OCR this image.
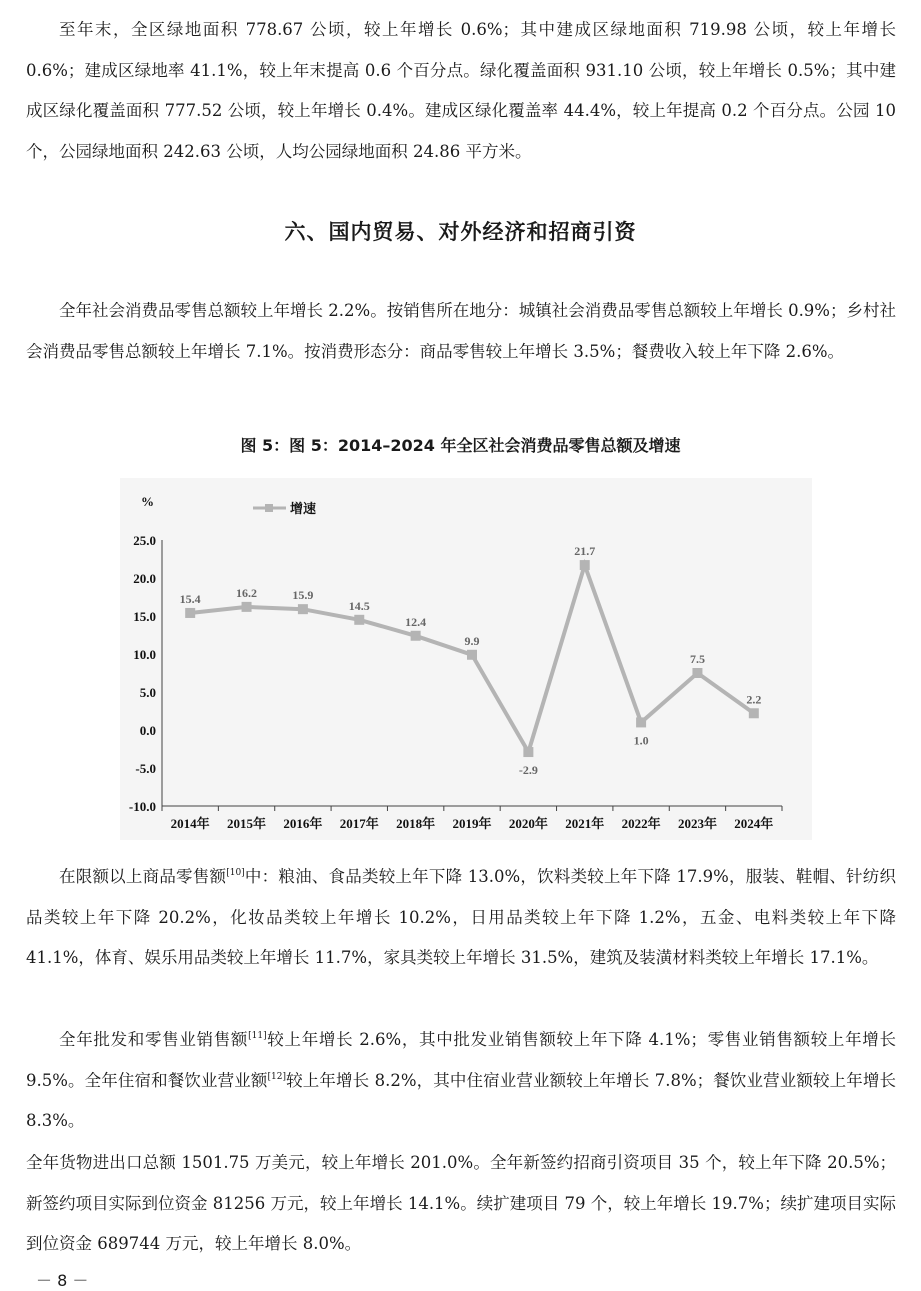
至年末，全区绿地面积 778.67 公顷，较上年增长 0.6%；其中建成区绿地面积 719.98 公顷，较上年增长 0.6%；建成区绿地率 41.1%，较上年末提高 0.6 个百分点。绿化覆盖面积 931.10 公顷，较上年增长 0.5%；其中建成区绿化覆盖面积 777.52 公顷，较上年增长 0.4%。建成区绿化覆盖率 44.4%，较上年提高 0.2 个百分点。公园 10 个，公园绿地面积 242.63 公顷，人均公园绿地面积 24.86 平方米。

六、国内贸易、对外经济和招商引资

全年社会消费品零售总额较上年增长 2.2%。按销售所在地分：城镇社会消费品零售总额较上年增长 0.9%；乡村社会消费品零售总额较上年增长 7.1%。按消费形态分：商品零售较上年增长 3.5%；餐费收入较上年下降 2.6%。

图 5：图 5：2014–2024 年全区社会消费品零售总额及增速
%	增速
25.0
20.0
15.0
10.0
5.0
0.0
-5.0
-10.0
2014年 2015年 2016年 2017年 2018年 2019年 2020年 2021年 2022年 2023年 2024年
15.4	16.2	15.9
14.5
12.4
9.9
-2.9
21.7
1.0
7.5
2.2

在限额以上商品零售额[10]中：粮油、食品类较上年下降 13.0%，饮料类较上年下降 17.9%，服装、鞋帽、针纺织品类较上年下降 20.2%，化妆品类较上年增长 10.2%，日用品类较上年下降 1.2%，五金、电料类较上年下降 41.1%，体育、娱乐用品类较上年增长 11.7%，家具类较上年增长 31.5%，建筑及装潢材料类较上年增长 17.1%。

全年批发和零售业销售额[11]较上年增长 2.6%，其中批发业销售额较上年下降 4.1%；零售业销售额较上年增长 9.5%。全年住宿和餐饮业营业额[12]较上年增长 8.2%，其中住宿业营业额较上年增长 7.8%；餐饮业营业额较上年增长 8.3%。

全年货物进出口总额 1501.75 万美元，较上年增长 201.0%。全年新签约招商引资项目 35 个，较上年下降 20.5%；新签约项目实际到位资金 81256 万元，较上年增长 14.1%。续扩建项目 79 个，较上年增长 19.7%；续扩建项目实际到位资金 689744 万元，较上年增长 8.0%。

－ 8 －
